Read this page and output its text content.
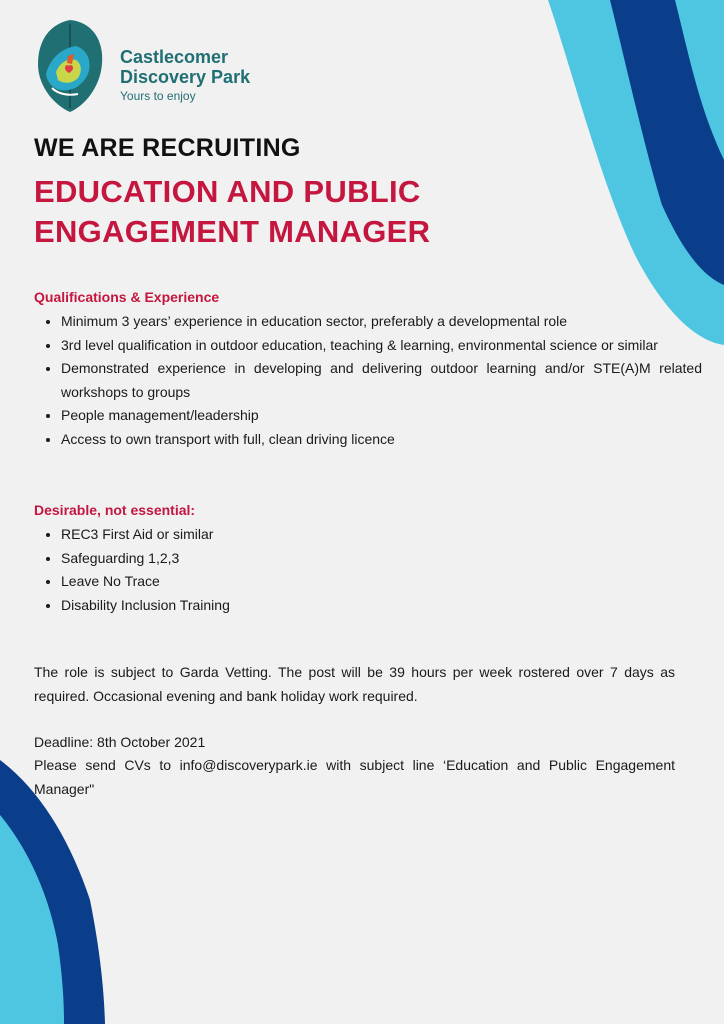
Castlecomer
Discovery Park
Yours to enjoy
WE ARE RECRUITING
EDUCATION AND PUBLIC ENGAGEMENT MANAGER
Qualifications & Experience
• Minimum 3 years’ experience in education sector, preferably a developmental role
• 3rd level qualification in outdoor education, teaching & learning, environmental science or similar
• Demonstrated experience in developing and delivering outdoor learning and/or STE(A)M related workshops to groups
• People management/leadership
• Access to own transport with full, clean driving licence
Desirable, not essential:
• REC3 First Aid or similar
• Safeguarding 1,2,3
• Leave No Trace
• Disability Inclusion Training

The role is subject to Garda Vetting. The post will be 39 hours per week rostered over 7 days as required. Occasional evening and bank holiday work required.

Deadline: 8th October 2021

Please send CVs to info@discoverypark.ie with subject line ‘Education and Public Engagement Manager"
